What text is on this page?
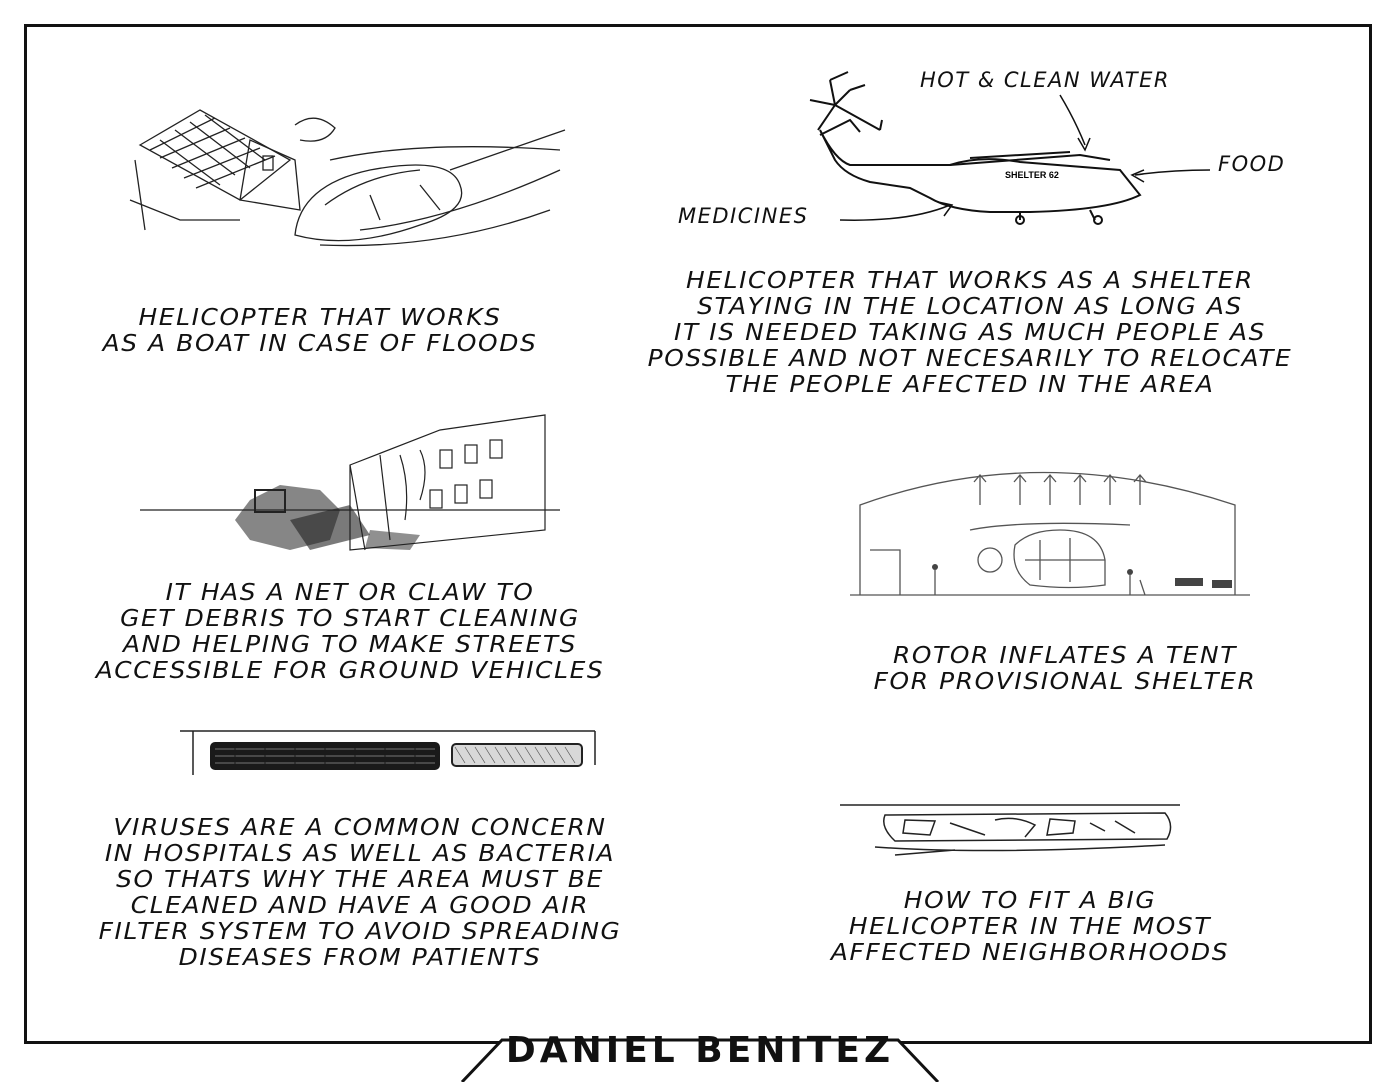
HELICOPTER THAT WORKS
AS A BOAT IN CASE OF FLOODS
SHELTER 62
HOT & CLEAN WATER
FOOD
MEDICINES
HELICOPTER THAT WORKS AS A SHELTER
STAYING IN THE LOCATION AS LONG AS
IT IS NEEDED TAKING AS MUCH PEOPLE AS
POSSIBLE AND NOT NECESARILY TO RELOCATE
THE PEOPLE AFECTED IN THE AREA
IT HAS A NET OR CLAW TO
GET DEBRIS TO START CLEANING
AND HELPING TO MAKE STREETS
ACCESSIBLE FOR GROUND VEHICLES
ROTOR INFLATES A TENT
FOR PROVISIONAL SHELTER
VIRUSES ARE A COMMON CONCERN
IN HOSPITALS AS WELL AS BACTERIA
SO THATS WHY THE AREA MUST BE
CLEANED AND HAVE A GOOD AIR
FILTER SYSTEM TO AVOID SPREADING
DISEASES FROM PATIENTS
HOW TO FIT A BIG
HELICOPTER IN THE MOST
AFFECTED NEIGHBORHOODS
DANIEL BENITEZ
